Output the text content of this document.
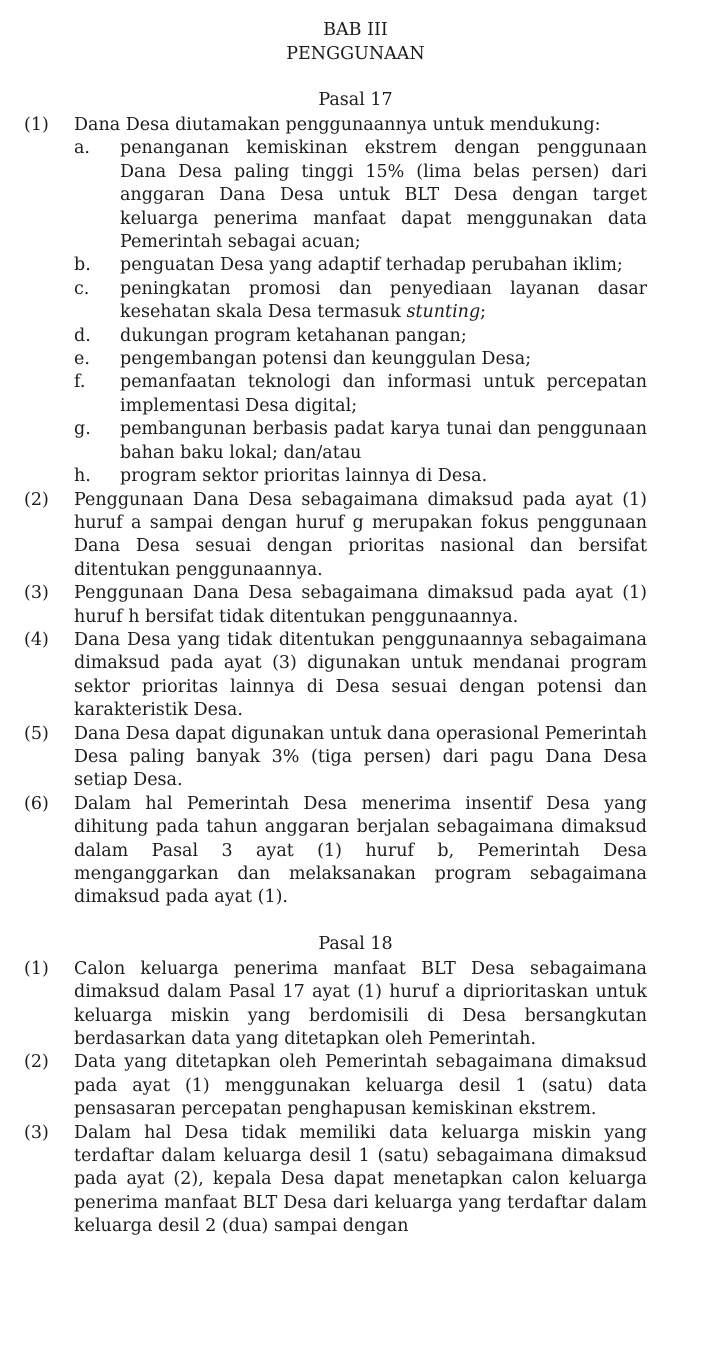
BAB III
PENGGUNAAN
Pasal 17
(1) Dana Desa diutamakan penggunaannya untuk mendukung:
a. penanganan kemiskinan ekstrem dengan penggunaan Dana Desa paling tinggi 15% (lima belas persen) dari anggaran Dana Desa untuk BLT Desa dengan target keluarga penerima manfaat dapat menggunakan data Pemerintah sebagai acuan;
b. penguatan Desa yang adaptif terhadap perubahan iklim;
c. peningkatan promosi dan penyediaan layanan dasar kesehatan skala Desa termasuk stunting;
d. dukungan program ketahanan pangan;
e. pengembangan potensi dan keunggulan Desa;
f. pemanfaatan teknologi dan informasi untuk percepatan implementasi Desa digital;
g. pembangunan berbasis padat karya tunai dan penggunaan bahan baku lokal; dan/atau
h. program sektor prioritas lainnya di Desa.
(2) Penggunaan Dana Desa sebagaimana dimaksud pada ayat (1) huruf a sampai dengan huruf g merupakan fokus penggunaan Dana Desa sesuai dengan prioritas nasional dan bersifat ditentukan penggunaannya.
(3) Penggunaan Dana Desa sebagaimana dimaksud pada ayat (1) huruf h bersifat tidak ditentukan penggunaannya.
(4) Dana Desa yang tidak ditentukan penggunaannya sebagaimana dimaksud pada ayat (3) digunakan untuk mendanai program sektor prioritas lainnya di Desa sesuai dengan potensi dan karakteristik Desa.
(5) Dana Desa dapat digunakan untuk dana operasional Pemerintah Desa paling banyak 3% (tiga persen) dari pagu Dana Desa setiap Desa.
(6) Dalam hal Pemerintah Desa menerima insentif Desa yang dihitung pada tahun anggaran berjalan sebagaimana dimaksud dalam Pasal 3 ayat (1) huruf b, Pemerintah Desa menganggarkan dan melaksanakan program sebagaimana dimaksud pada ayat (1).
Pasal 18
(1) Calon keluarga penerima manfaat BLT Desa sebagaimana dimaksud dalam Pasal 17 ayat (1) huruf a diprioritaskan untuk keluarga miskin yang berdomisili di Desa bersangkutan berdasarkan data yang ditetapkan oleh Pemerintah.
(2) Data yang ditetapkan oleh Pemerintah sebagaimana dimaksud pada ayat (1) menggunakan keluarga desil 1 (satu) data pensasaran percepatan penghapusan kemiskinan ekstrem.
(3) Dalam hal Desa tidak memiliki data keluarga miskin yang terdaftar dalam keluarga desil 1 (satu) sebagaimana dimaksud pada ayat (2), kepala Desa dapat menetapkan calon keluarga penerima manfaat BLT Desa dari keluarga yang terdaftar dalam keluarga desil 2 (dua) sampai dengan
